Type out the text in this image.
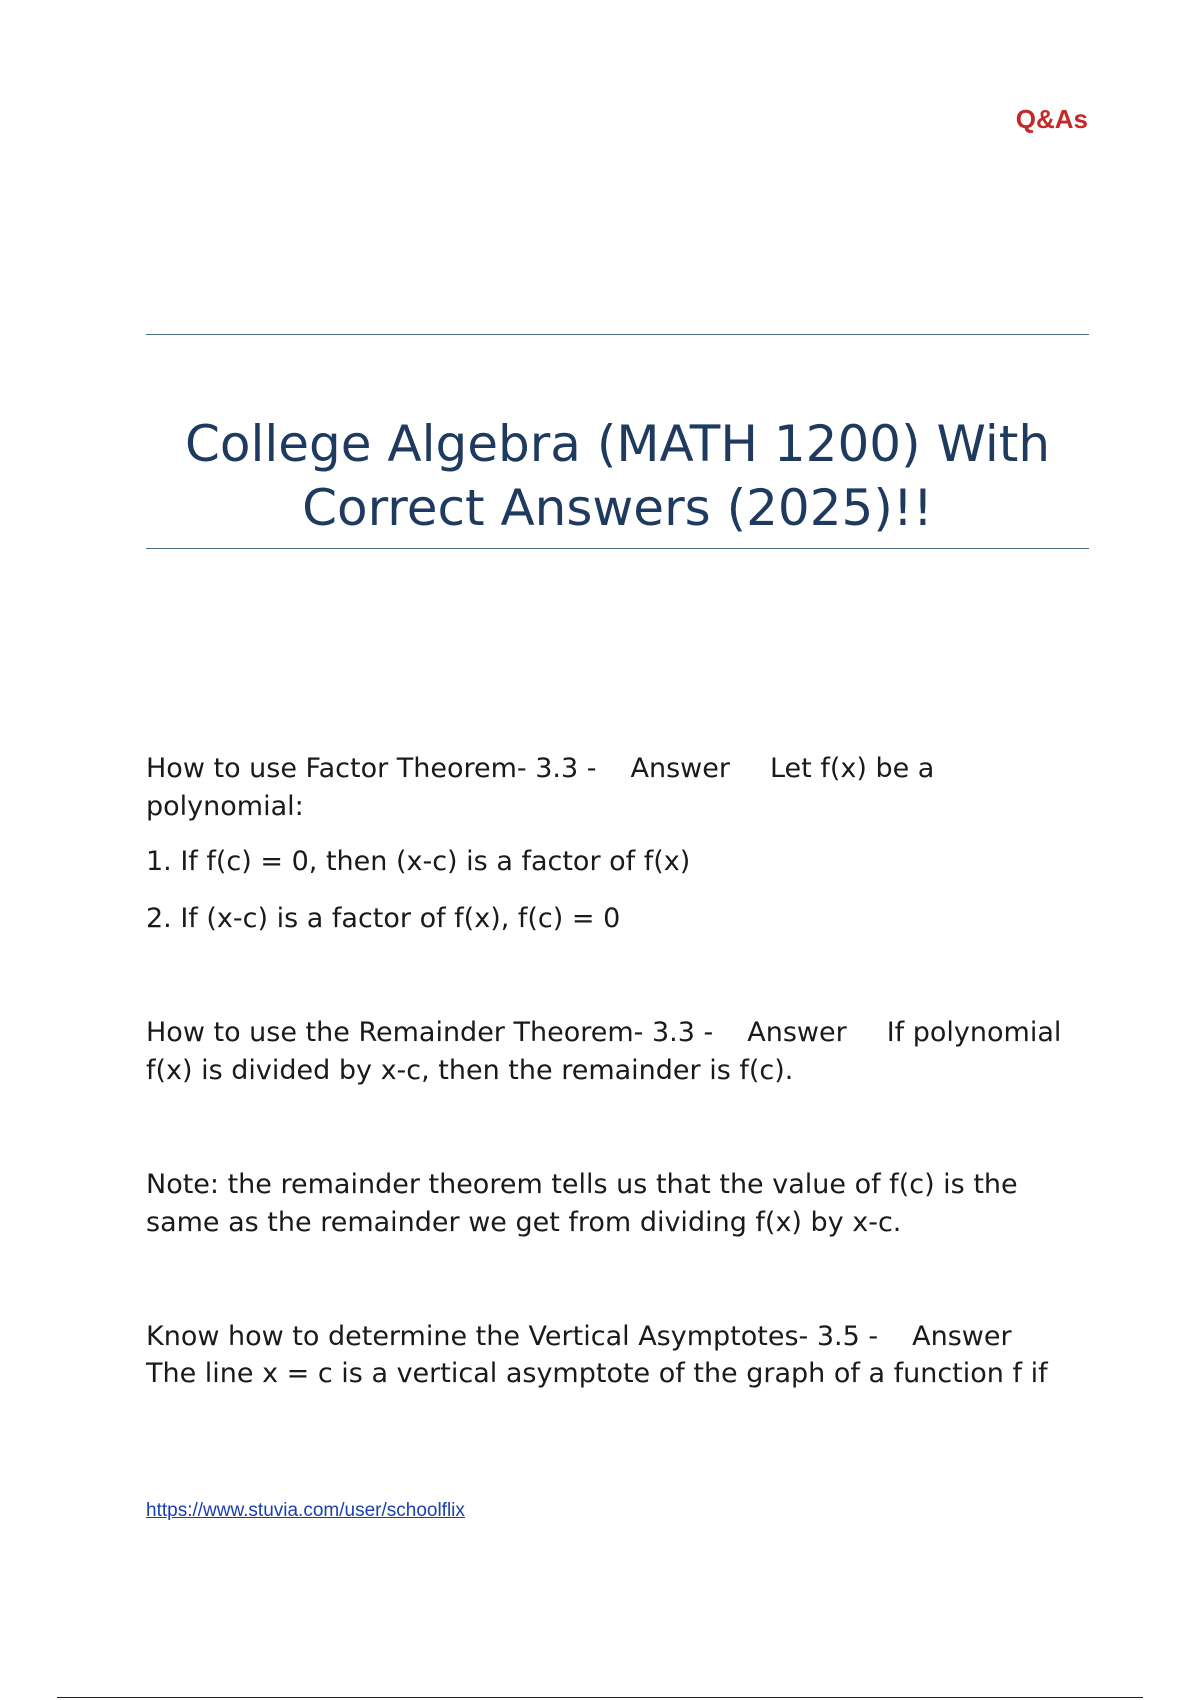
Q&As

College Algebra (MATH 1200) With
Correct Answers (2025)!!

How to use Factor Theorem- 3.3 - Answer Let f(x) be a polynomial:

1. If f(c) = 0, then (x-c) is a factor of f(x)

2. If (x-c) is a factor of f(x), f(c) = 0

How to use the Remainder Theorem- 3.3 - Answer If polynomial f(x) is divided by x-c, then the remainder is f(c).

Note: the remainder theorem tells us that the value of f(c) is the same as the remainder we get from dividing f(x) by x-c.

Know how to determine the Vertical Asymptotes- 3.5 - Answer
The line x = c is a vertical asymptote of the graph of a function f if

https://www.stuvia.com/user/schoolflix
